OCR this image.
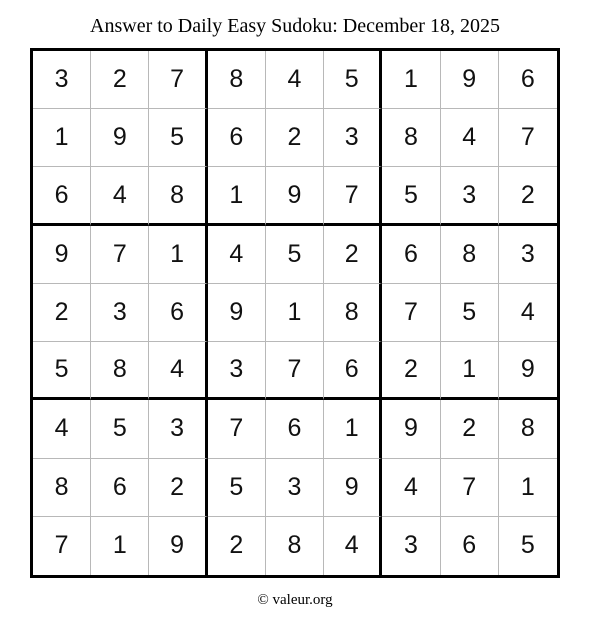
Answer to Daily Easy Sudoku: December 18, 2025
3	2	7	8	4	5	1	9	6
1	9	5	6	2	3	8	4	7
6	4	8	1	9	7	5	3	2
9	7	1	4	5	2	6	8	3
2	3	6	9	1	8	7	5	4
5	8	4	3	7	6	2	1	9
4	5	3	7	6	1	9	2	8
8	6	2	5	3	9	4	7	1
7	1	9	2	8	4	3	6	5
© valeur.org
